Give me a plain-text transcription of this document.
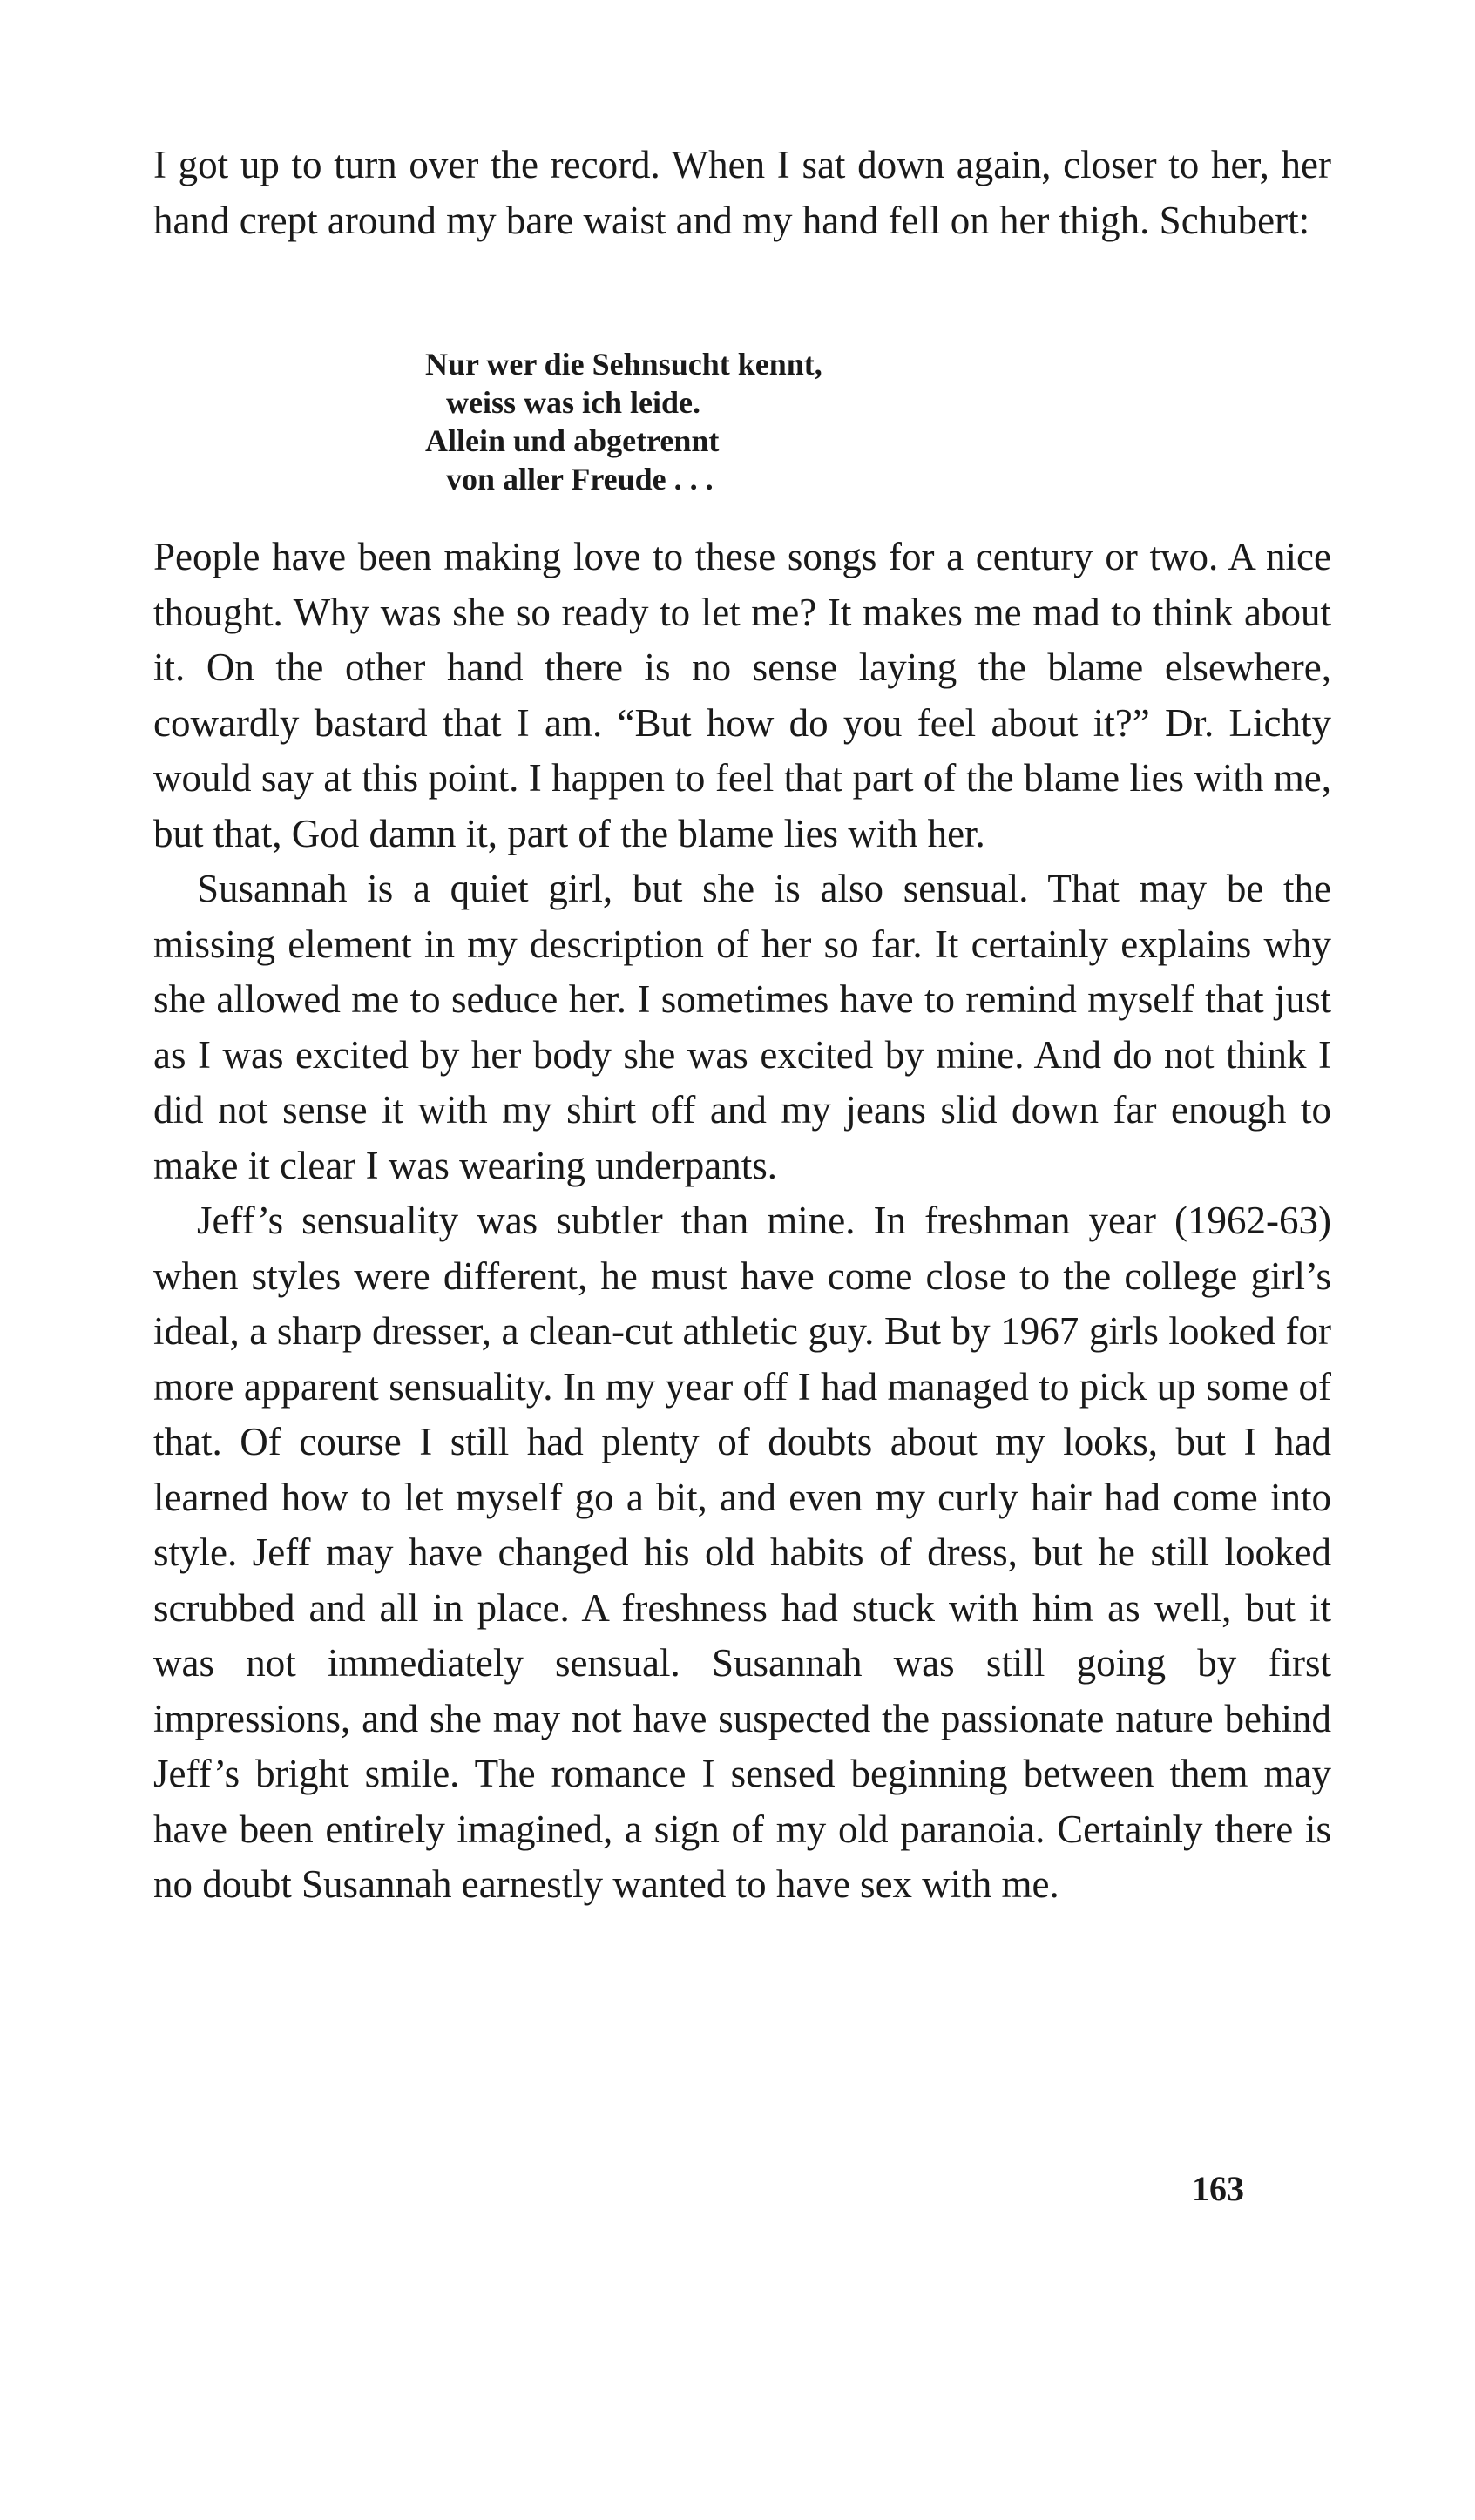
I got up to turn over the record. When I sat down again, closer to her, her hand crept around my bare waist and my hand fell on her thigh. Schubert:

Nur wer die Sehnsucht kennt,
weiss was ich leide.
Allein und abgetrennt
von aller Freude . . .

People have been making love to these songs for a century or two. A nice thought. Why was she so ready to let me? It makes me mad to think about it. On the other hand there is no sense laying the blame elsewhere, cowardly bastard that I am. “But how do you feel about it?” Dr. Lichty would say at this point. I happen to feel that part of the blame lies with me, but that, God damn it, part of the blame lies with her.

Susannah is a quiet girl, but she is also sensual. That may be the missing element in my description of her so far. It certainly explains why she allowed me to seduce her. I sometimes have to remind myself that just as I was excited by her body she was excited by mine. And do not think I did not sense it with my shirt off and my jeans slid down far enough to make it clear I was wearing underpants.

Jeff’s sensuality was subtler than mine. In freshman year (1962-63) when styles were different, he must have come close to the college girl’s ideal, a sharp dresser, a clean-cut athletic guy. But by 1967 girls looked for more apparent sensuality. In my year off I had managed to pick up some of that. Of course I still had plenty of doubts about my looks, but I had learned how to let myself go a bit, and even my curly hair had come into style. Jeff may have changed his old habits of dress, but he still looked scrubbed and all in place. A freshness had stuck with him as well, but it was not immediately sensual. Susannah was still going by first impressions, and she may not have suspected the passionate nature behind Jeff’s bright smile. The romance I sensed beginning between them may have been entirely imagined, a sign of my old paranoia. Certainly there is no doubt Susannah earnestly wanted to have sex with me.

163
